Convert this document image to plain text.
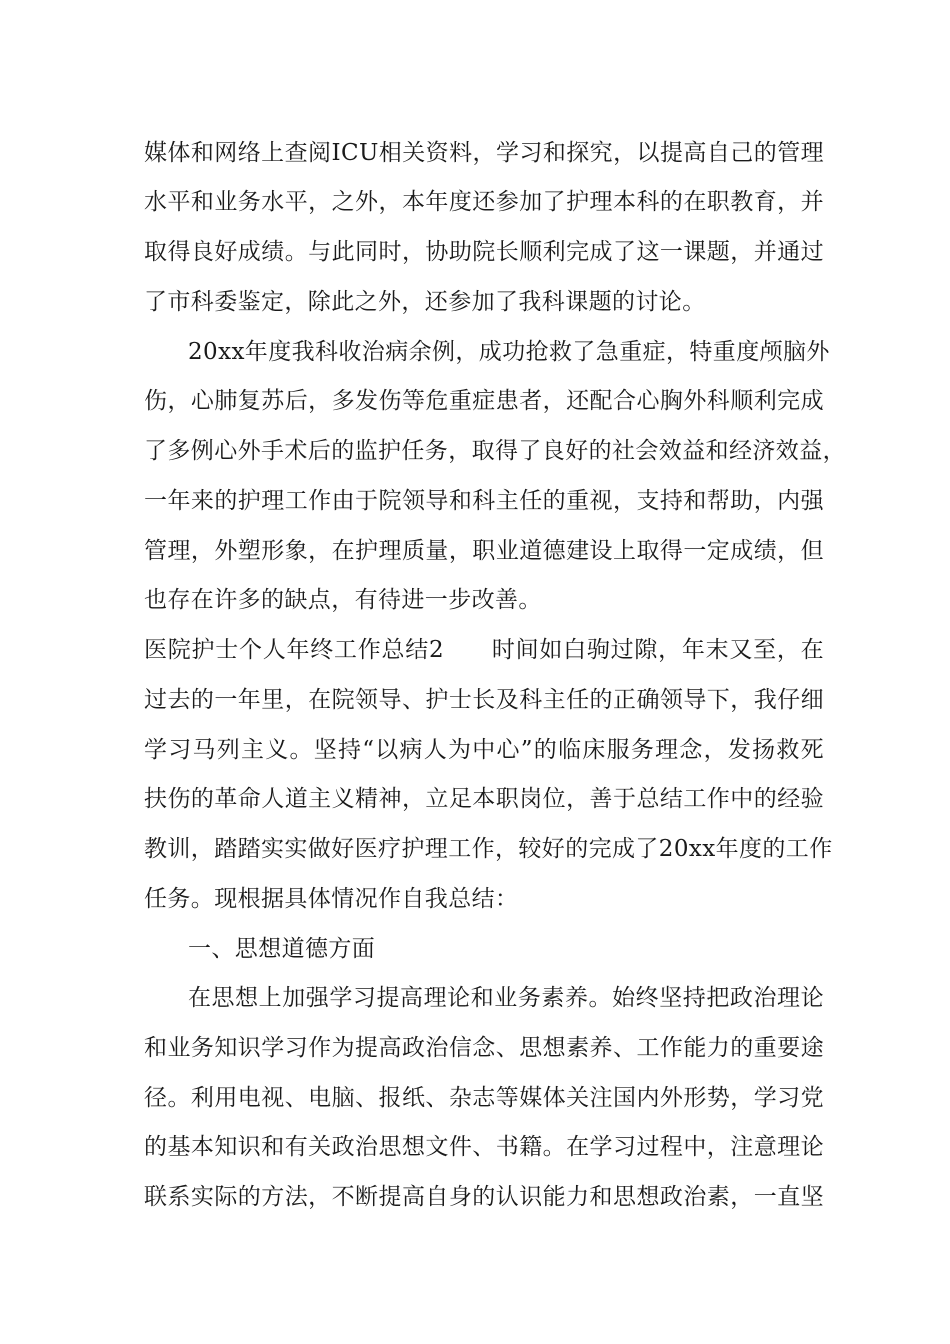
媒体和网络上查阅ICU相关资料，学习和探究，以提高自己的管理
水平和业务水平，之外，本年度还参加了护理本科的在职教育，并
取得良好成绩。与此同时，协助院长顺利完成了这一课题，并通过
了市科委鉴定，除此之外，还参加了我科课题的讨论。
20xx年度我科收治病余例，成功抢救了急重症，特重度颅脑外
伤，心肺复苏后，多发伤等危重症患者，还配合心胸外科顺利完成
了多例心外手术后的监护任务，取得了良好的社会效益和经济效益，
一年来的护理工作由于院领导和科主任的重视，支持和帮助，内强
管理，外塑形象，在护理质量，职业道德建设上取得一定成绩，但
也存在许多的缺点，有待进一步改善。
医院护士个人年终工作总结2　　时间如白驹过隙，年末又至，在
过去的一年里，在院领导、护士长及科主任的正确领导下，我仔细
学习马列主义。坚持“以病人为中心”的临床服务理念，发扬救死
扶伤的革命人道主义精神，立足本职岗位，善于总结工作中的经验
教训，踏踏实实做好医疗护理工作，较好的完成了20xx年度的工作
任务。现根据具体情况作自我总结：
一、思想道德方面
在思想上加强学习提高理论和业务素养。始终坚持把政治理论
和业务知识学习作为提高政治信念、思想素养、工作能力的重要途
径。利用电视、电脑、报纸、杂志等媒体关注国内外形势，学习党
的基本知识和有关政治思想文件、书籍。在学习过程中，注意理论
联系实际的方法，不断提高自身的认识能力和思想政治素，一直坚
